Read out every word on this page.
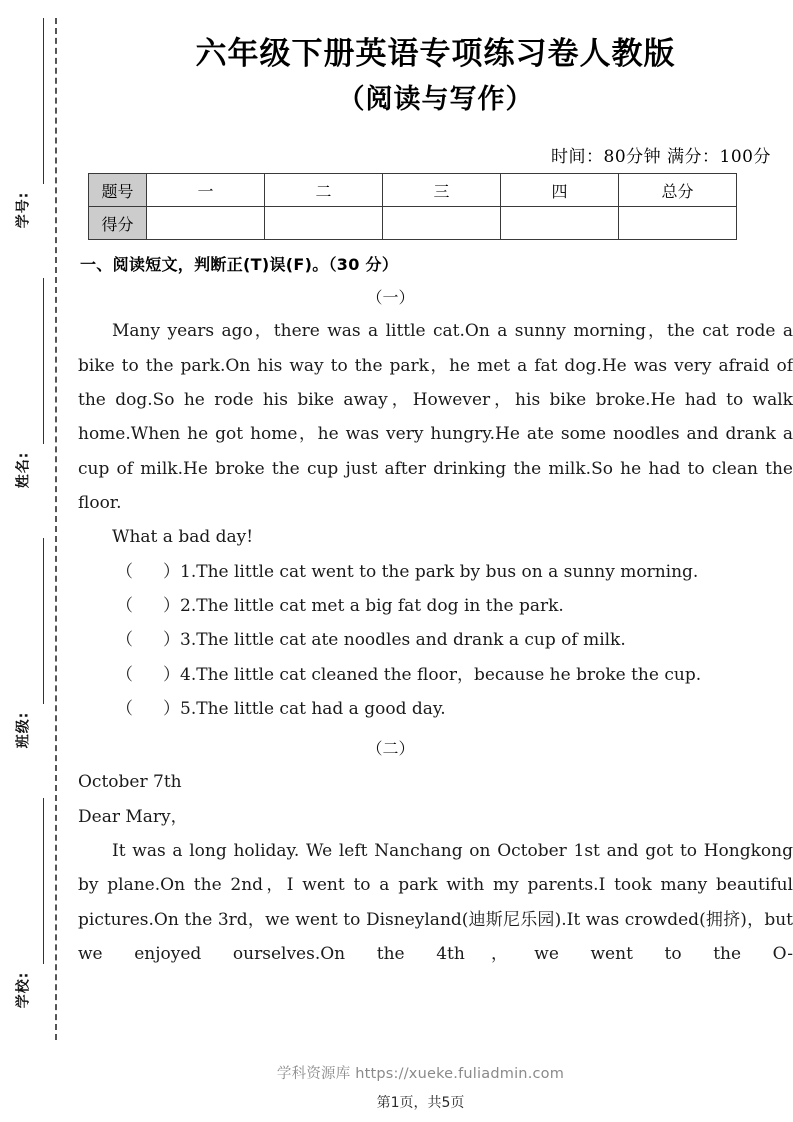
学号:
姓名:
班级:
学校:
六年级下册英语专项练习卷人教版
（阅读与写作）
时间：80分钟 满分：100分
题号	一	二	三	四	总分
得分					
一、阅读短文，判断正(T)误(F)。（30 分）
（一）

Many years ago，there was a little cat.On a sunny morning，the cat rode a bike to the park.On his way to the park，he met a fat dog.He was very afraid of the dog.So he rode his bike away，However，his bike broke.He had to walk home.When he got home，he was very hungry.He ate some noodles and drank a cup of milk.He broke the cup just after drinking the milk.So he had to clean the floor.

What a bad day!
（ ）1.The little cat went to the park by bus on a sunny morning.
（ ）2.The little cat met a big fat dog in the park.
（ ）3.The little cat ate noodles and drank a cup of milk.
（ ）4.The little cat cleaned the floor，because he broke the cup.
（ ）5.The little cat had a good day.
（二）
October 7th
Dear Mary，

It was a long holiday. We left Nanchang on October 1st and got to Hongkong by plane.On the 2nd，I went to a park with my parents.I took many beautiful pictures.On the 3rd，we went to Disneyland(迪斯尼乐园).It was crowded(拥挤)，but we enjoyed ourselves.On the 4th，we went to the O-

学科资源库 https://xueke.fuliadmin.com
第1页，共5页
